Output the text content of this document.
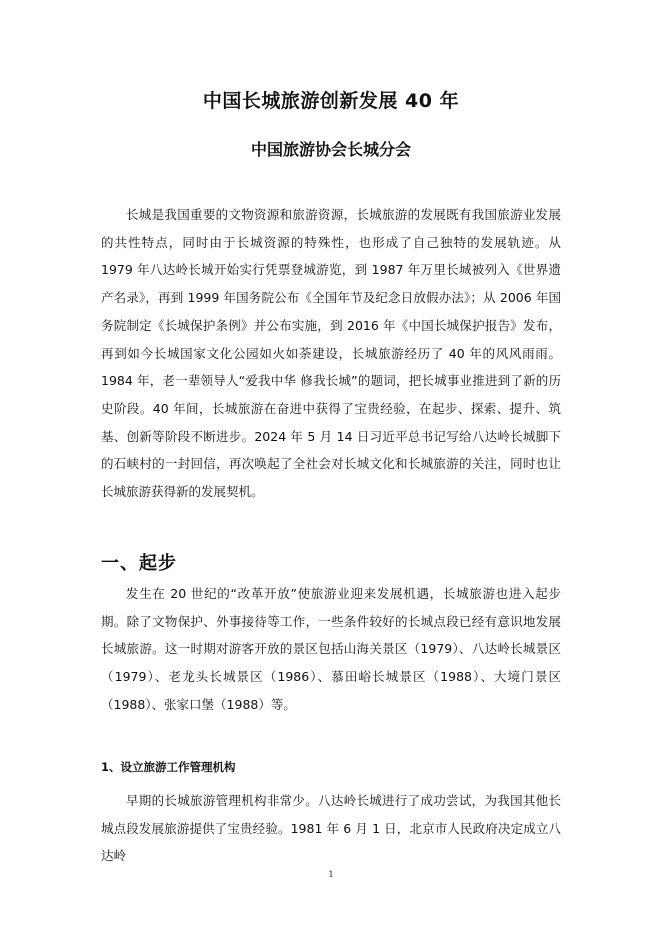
中国长城旅游创新发展 40 年
中国旅游协会长城分会

长城是我国重要的文物资源和旅游资源，长城旅游的发展既有我国旅游业发展的共性特点，同时由于长城资源的特殊性，也形成了自己独特的发展轨迹。从 1979 年八达岭长城开始实行凭票登城游览，到 1987 年万里长城被列入《世界遗产名录》，再到 1999 年国务院公布《全国年节及纪念日放假办法》；从 2006 年国务院制定《长城保护条例》并公布实施，到 2016 年《中国长城保护报告》发布，再到如今长城国家文化公园如火如荼建设，长城旅游经历了 40 年的风风雨雨。1984 年，老一辈领导人“爱我中华 修我长城”的题词，把长城事业推进到了新的历史阶段。40 年间，长城旅游在奋进中获得了宝贵经验，在起步、探索、提升、筑基、创新等阶段不断进步。2024 年 5 月 14 日习近平总书记写给八达岭长城脚下的石峡村的一封回信，再次唤起了全社会对长城文化和长城旅游的关注，同时也让长城旅游获得新的发展契机。

一、起步

发生在 20 世纪的“改革开放”使旅游业迎来发展机遇，长城旅游也进入起步期。除了文物保护、外事接待等工作，一些条件较好的长城点段已经有意识地发展长城旅游。这一时期对游客开放的景区包括山海关景区（1979）、八达岭长城景区（1979）、老龙头长城景区（1986）、慕田峪长城景区（1988）、大境门景区（1988）、张家口堡（1988）等。

1、设立旅游工作管理机构

早期的长城旅游管理机构非常少。八达岭长城进行了成功尝试，为我国其他长城点段发展旅游提供了宝贵经验。1981 年 6 月 1 日，北京市人民政府决定成立八达岭

1
